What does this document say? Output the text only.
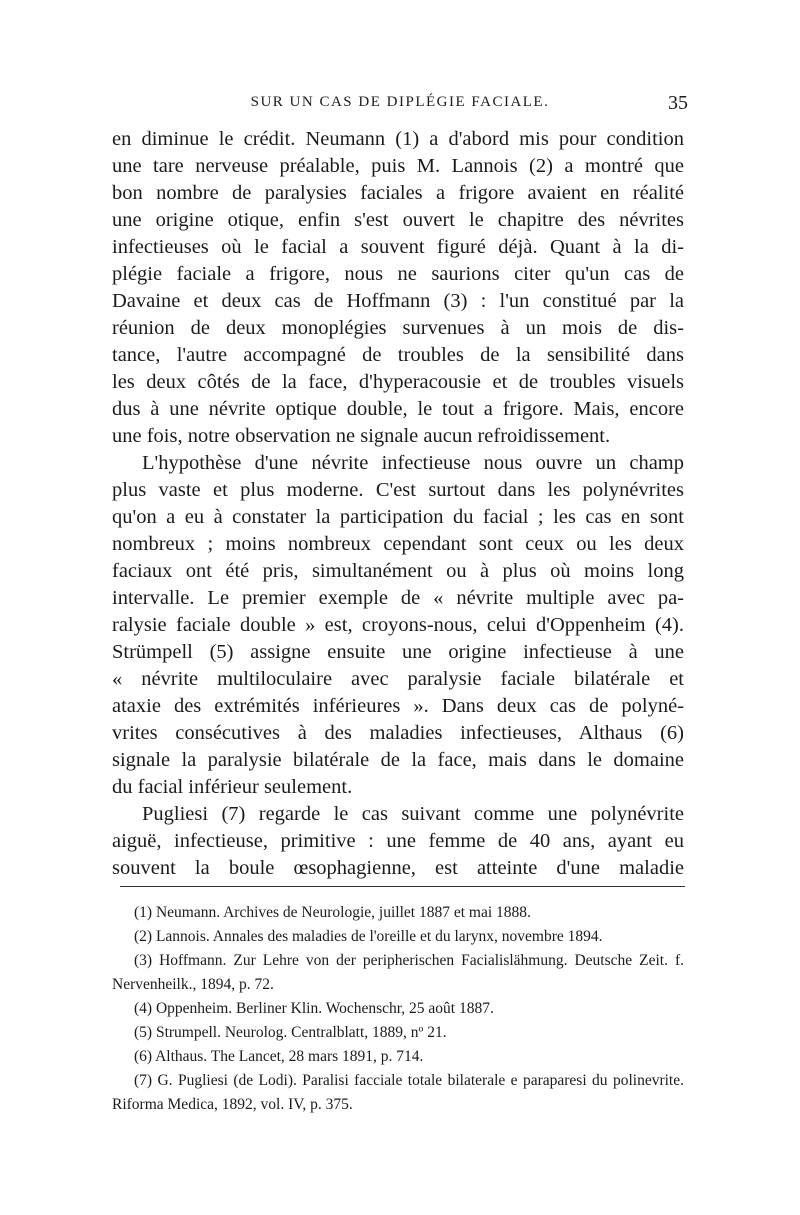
SUR UN CAS DE DIPLÉGIE FACIALE.	35

en diminue le crédit. Neumann (1) a d'abord mis pour condition
une tare nerveuse préalable, puis M. Lannois (2) a montré que
bon nombre de paralysies faciales a frigore avaient en réalité
une origine otique, enfin s'est ouvert le chapitre des névrites
infectieuses où le facial a souvent figuré déjà. Quant à la di-
plégie faciale a frigore, nous ne saurions citer qu'un cas de
Davaine et deux cas de Hoffmann (3) : l'un constitué par la
réunion de deux monoplégies survenues à un mois de dis-
tance, l'autre accompagné de troubles de la sensibilité dans
les deux côtés de la face, d'hyperacousie et de troubles visuels
dus à une névrite optique double, le tout a frigore. Mais, encore
une fois, notre observation ne signale aucun refroidissement.

L'hypothèse d'une névrite infectieuse nous ouvre un champ
plus vaste et plus moderne. C'est surtout dans les polynévrites
qu'on a eu à constater la participation du facial ; les cas en sont
nombreux ; moins nombreux cependant sont ceux ou les deux
faciaux ont été pris, simultanément ou à plus où moins long
intervalle. Le premier exemple de « névrite multiple avec pa-
ralysie faciale double » est, croyons-nous, celui d'Oppenheim (4).
Strümpell (5) assigne ensuite une origine infectieuse à une
« névrite multiloculaire avec paralysie faciale bilatérale et
ataxie des extrémités inférieures ». Dans deux cas de polyné-
vrites consécutives à des maladies infectieuses, Althaus (6)
signale la paralysie bilatérale de la face, mais dans le domaine
du facial inférieur seulement.

Pugliesi (7) regarde le cas suivant comme une polynévrite
aiguë, infectieuse, primitive : une femme de 40 ans, ayant eu
souvent la boule œsophagienne, est atteinte d'une maladie

(1) Neumann. Archives de Neurologie, juillet 1887 et mai 1888.
(2) Lannois. Annales des maladies de l'oreille et du larynx, novembre 1894.
(3) Hoffmann. Zur Lehre von der peripherischen Facialislähmung. Deutsche Zeit. f. Nervenheilk., 1894, p. 72.
(4) Oppenheim. Berliner Klin. Wochenschr, 25 août 1887.
(5) Strumpell. Neurolog. Centralblatt, 1889, nº 21.
(6) Althaus. The Lancet, 28 mars 1891, p. 714.
(7) G. Pugliesi (de Lodi). Paralisi facciale totale bilaterale e paraparesi du polinevrite. Riforma Medica, 1892, vol. IV, p. 375.
